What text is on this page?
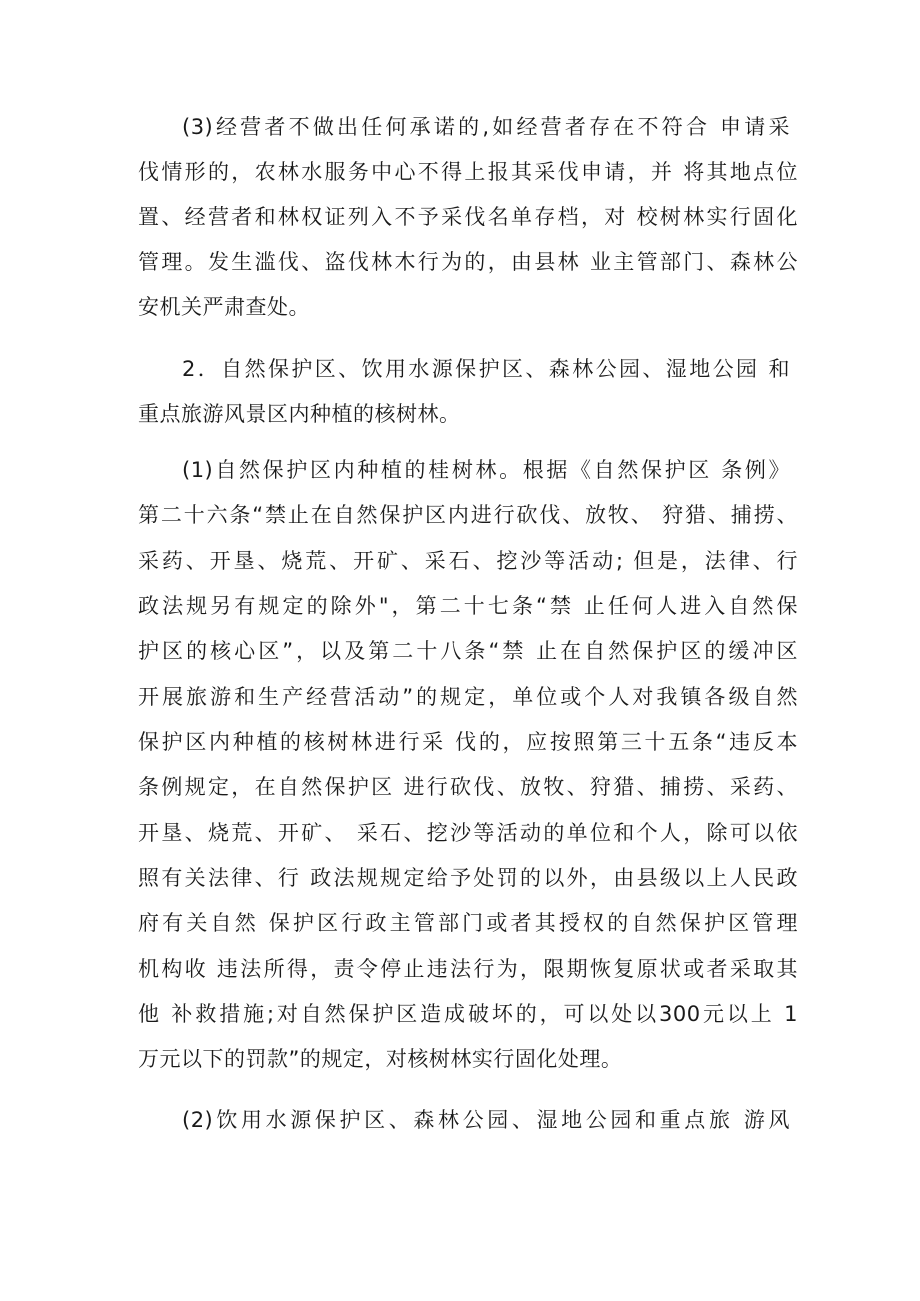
(3)经营者不做出任何承诺的,如经营者存在不符合 申请采
伐情形的，农林水服务中心不得上报其采伐申请，并 将其地点位
置、经营者和林权证列入不予采伐名单存档，对 校树林实行固化
管理。发生滥伐、盗伐林木行为的，由县林 业主管部门、森林公
安机关严肃查处。
2．自然保护区、饮用水源保护区、森林公园、湿地公园 和
重点旅游风景区内种植的核树林。
(1)自然保护区内种植的桂树林。根据《自然保护区 条例》
第二十六条“禁止在自然保护区内进行砍伐、放牧、 狩猎、捕捞、
采药、开垦、烧荒、开矿、采石、挖沙等活动; 但是，法律、行
政法规另有规定的除外"，第二十七条“禁 止任何人进入自然保
护区的核心区”，以及第二十八条“禁 止在自然保护区的缓冲区
开展旅游和生产经营活动”的规定，单位或个人对我镇各级自然
保护区内种植的核树林进行采 伐的，应按照第三十五条“违反本
条例规定，在自然保护区 进行砍伐、放牧、狩猎、捕捞、采药、
开垦、烧荒、开矿、 采石、挖沙等活动的单位和个人，除可以依
照有关法律、行 政法规规定给予处罚的以外，由县级以上人民政
府有关自然 保护区行政主管部门或者其授权的自然保护区管理
机构收 违法所得，责令停止违法行为，限期恢复原状或者采取其
他 补救措施;对自然保护区造成破坏的，可以处以300元以上 1
万元以下的罚款”的规定，对核树林实行固化处理。
(2)饮用水源保护区、森林公园、湿地公园和重点旅 游风
